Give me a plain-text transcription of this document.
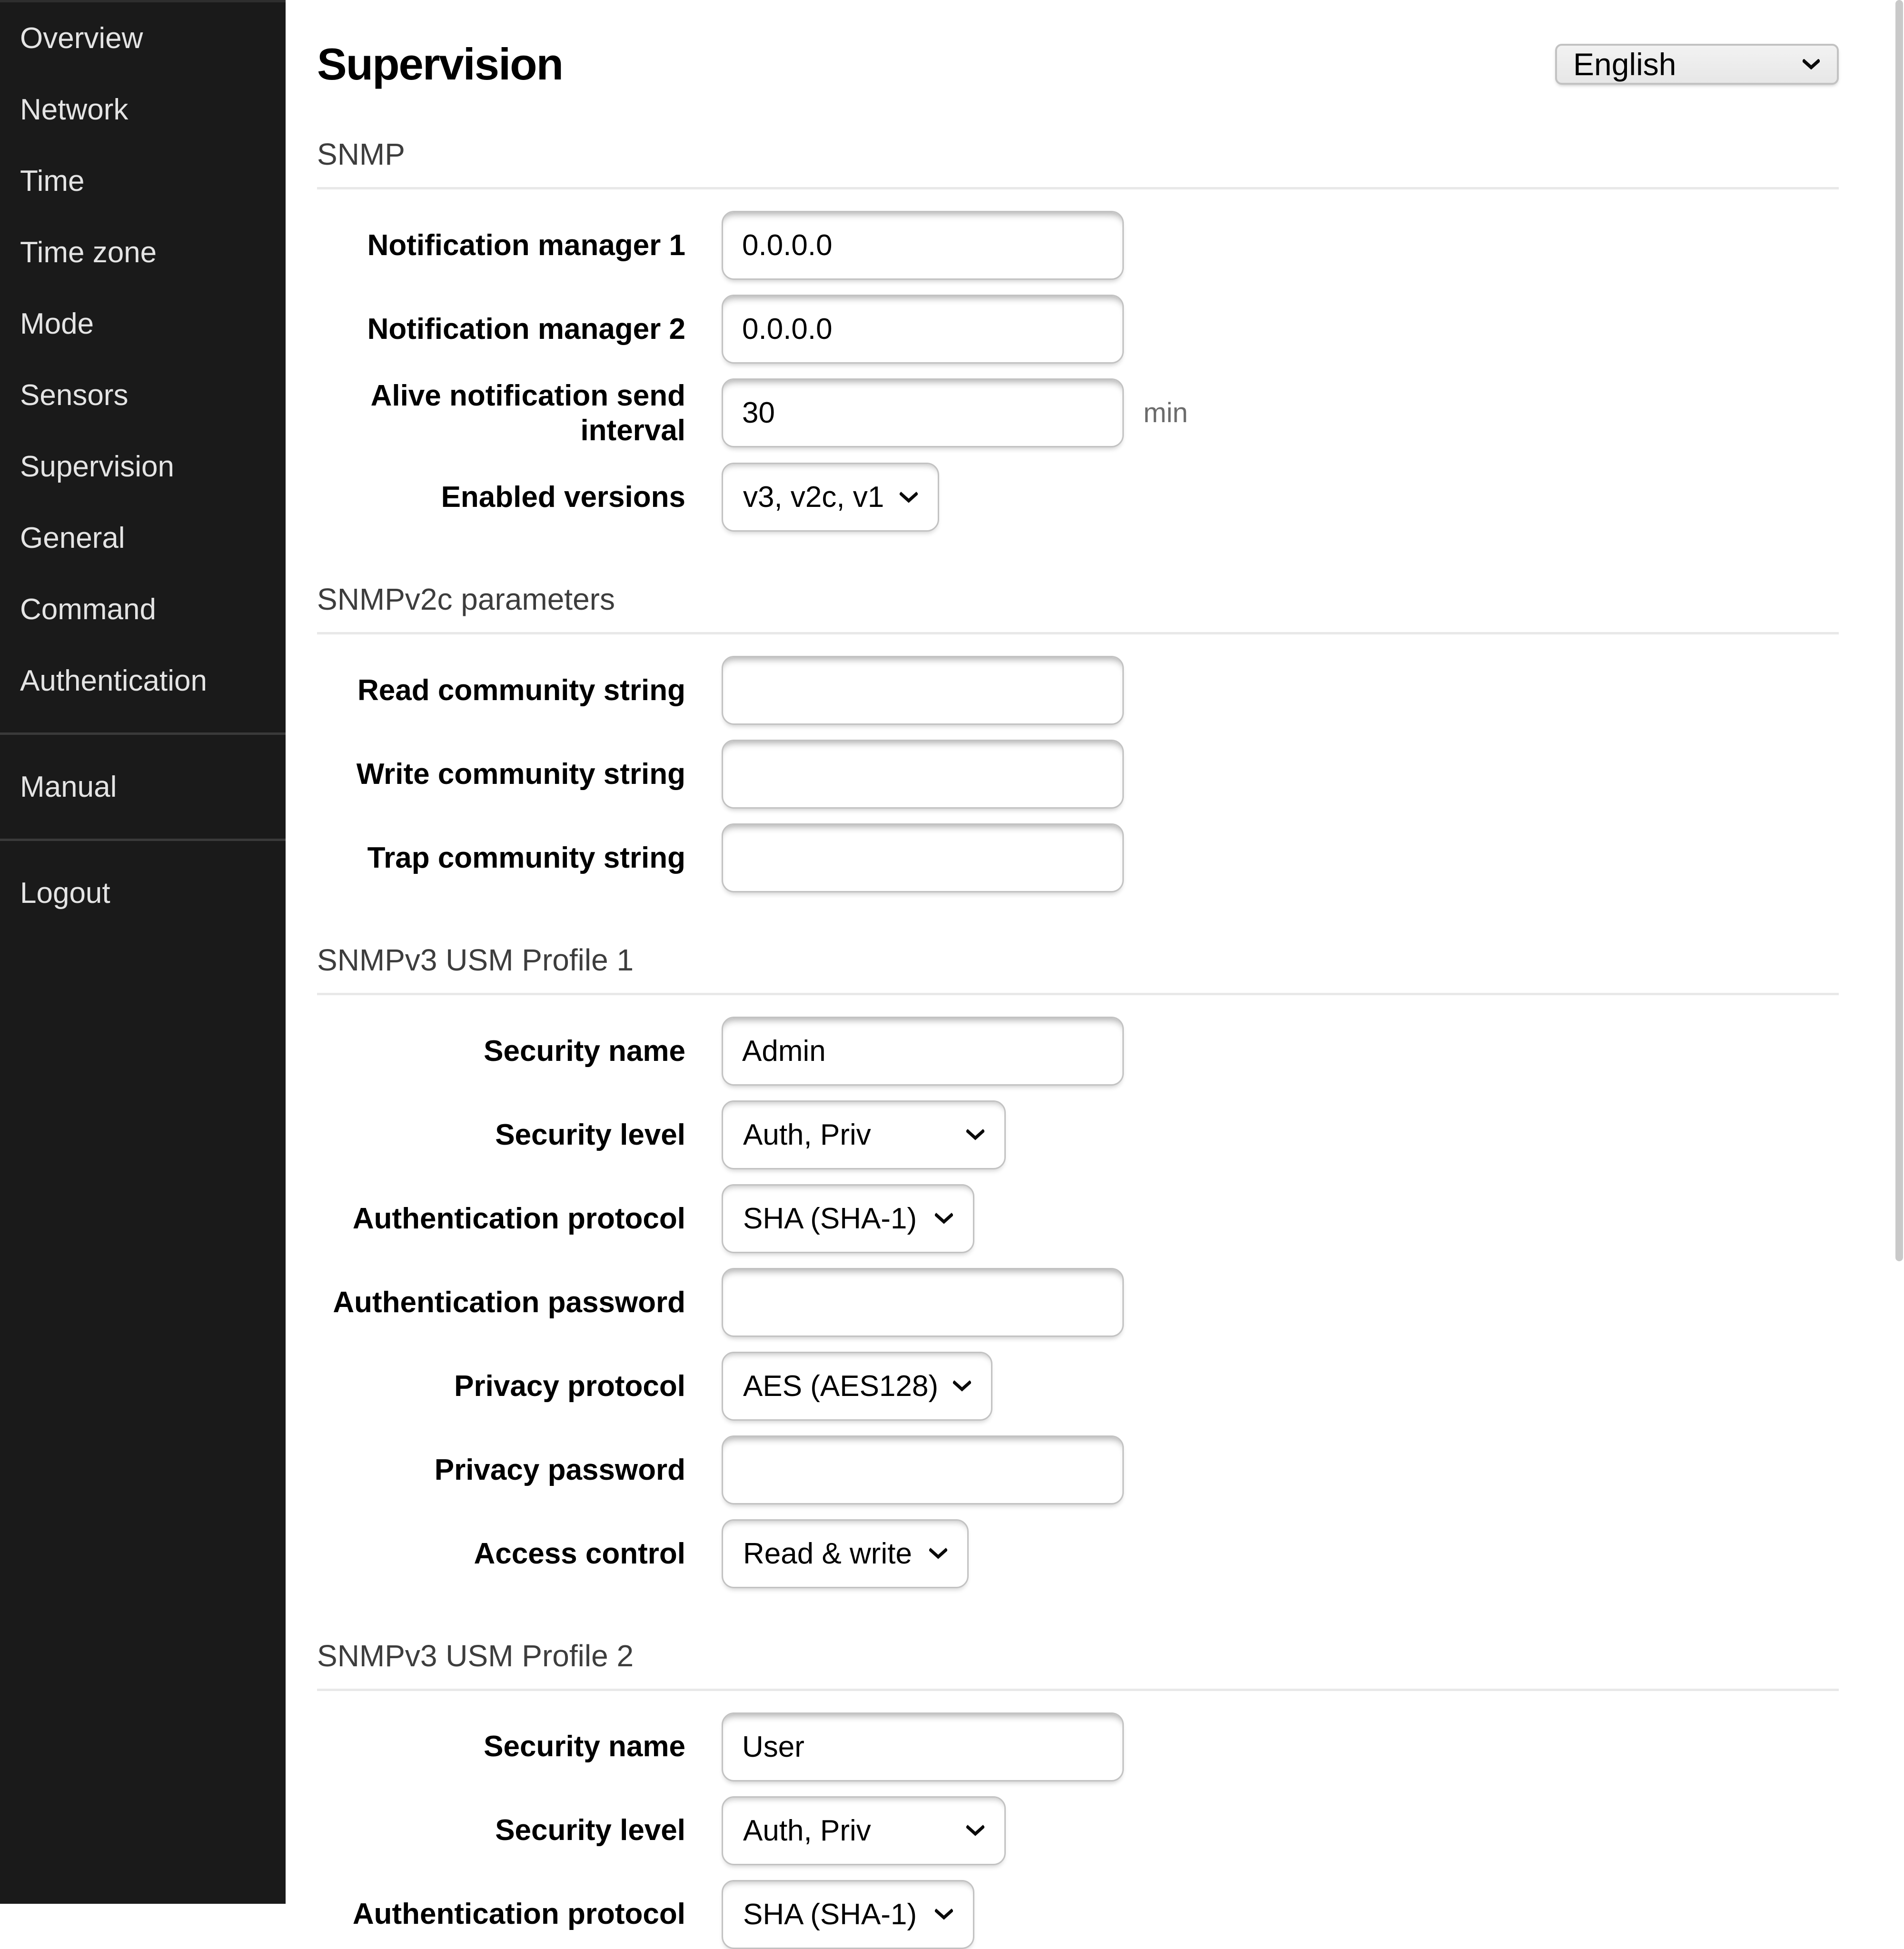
Overview
Network
Time
Time zone
Mode
Sensors
Supervision
General
Command
Authentication
Manual
Logout
Supervision	English
SNMP
Notification manager 1
0.0.0.0
Notification manager 2
0.0.0.0
Alive notification send interval
30
min
Enabled versions v3, v2c, v1
SNMPv2c parameters
Read community string
Write community string
Trap community string
SNMPv3 USM Profile 1
Security name
Admin
Security level Auth, Priv
Authentication protocol SHA (SHA-1)
Authentication password
Privacy protocol AES (AES128)
Privacy password
Access control Read & write
SNMPv3 USM Profile 2
Security name
User
Security level Auth, Priv
Authentication protocol SHA (SHA-1)
